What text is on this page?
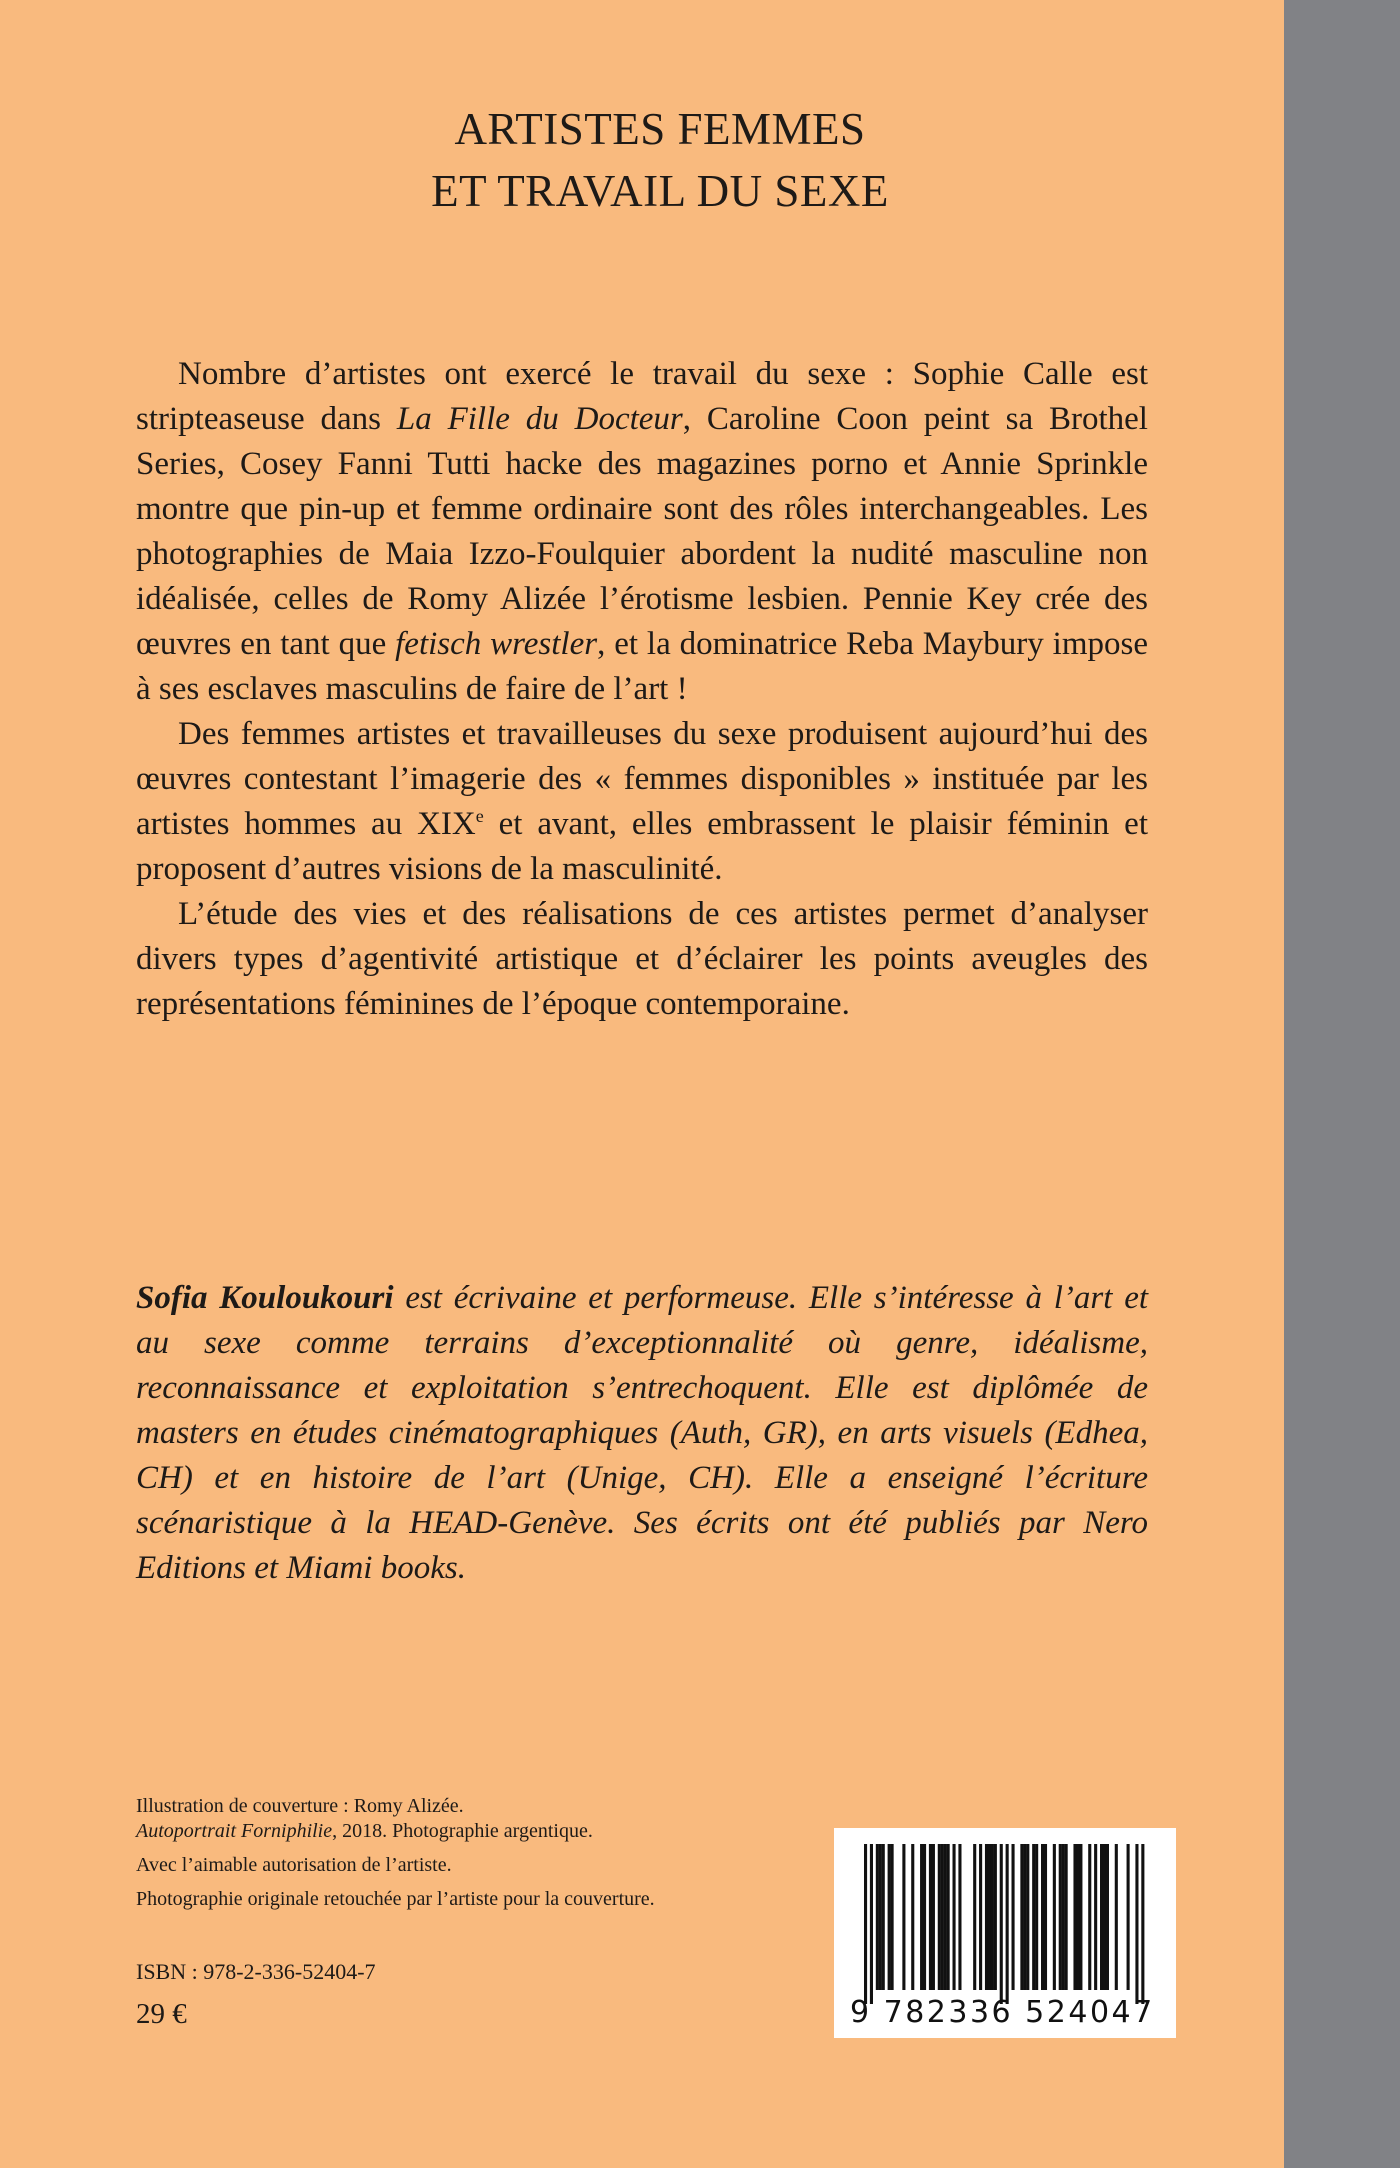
ARTISTES FEMMES
ET TRAVAIL DU SEXE

Nombre d’artistes ont exercé le travail du sexe : Sophie Calle est stripteaseuse dans La Fille du Docteur, Caroline Coon peint sa Brothel Series, Cosey Fanni Tutti hacke des magazines porno et Annie Sprinkle montre que pin-up et femme ordinaire sont des rôles interchangeables. Les photographies de Maia Izzo-Foulquier abordent la nudité masculine non idéalisée, celles de Romy Alizée l’érotisme lesbien. Pennie Key crée des œuvres en tant que fetisch wrestler, et la dominatrice Reba Maybury impose à ses esclaves masculins de faire de l’art !

Des femmes artistes et travailleuses du sexe produisent aujourd’hui des œuvres contestant l’imagerie des « femmes disponibles » instituée par les artistes hommes au XIXe et avant, elles embrassent le plaisir féminin et proposent d’autres visions de la masculinité.

L’étude des vies et des réalisations de ces artistes permet d’analyser divers types d’agentivité artistique et d’éclairer les points aveugles des représentations féminines de l’époque contemporaine.

Sofia Kouloukouri est écrivaine et performeuse. Elle s’intéresse à l’art et au sexe comme terrains d’exceptionnalité où genre, idéalisme, reconnaissance et exploitation s’entrechoquent. Elle est diplômée de masters en études cinématographiques (Auth, GR), en arts visuels (Edhea, CH) et en histoire de l’art (Unige, CH). Elle a enseigné l’écriture scénaristique à la HEAD-Genève. Ses écrits ont été publiés par Nero Editions et Miami books.

Illustration de couverture : Romy Alizée.
Autoportrait Forniphilie, 2018. Photographie argentique.
Avec l’aimable autorisation de l’artiste.
Photographie originale retouchée par l’artiste pour la couverture.
ISBN : 978-2-336-52404-7
29 €	9 782336 524047
